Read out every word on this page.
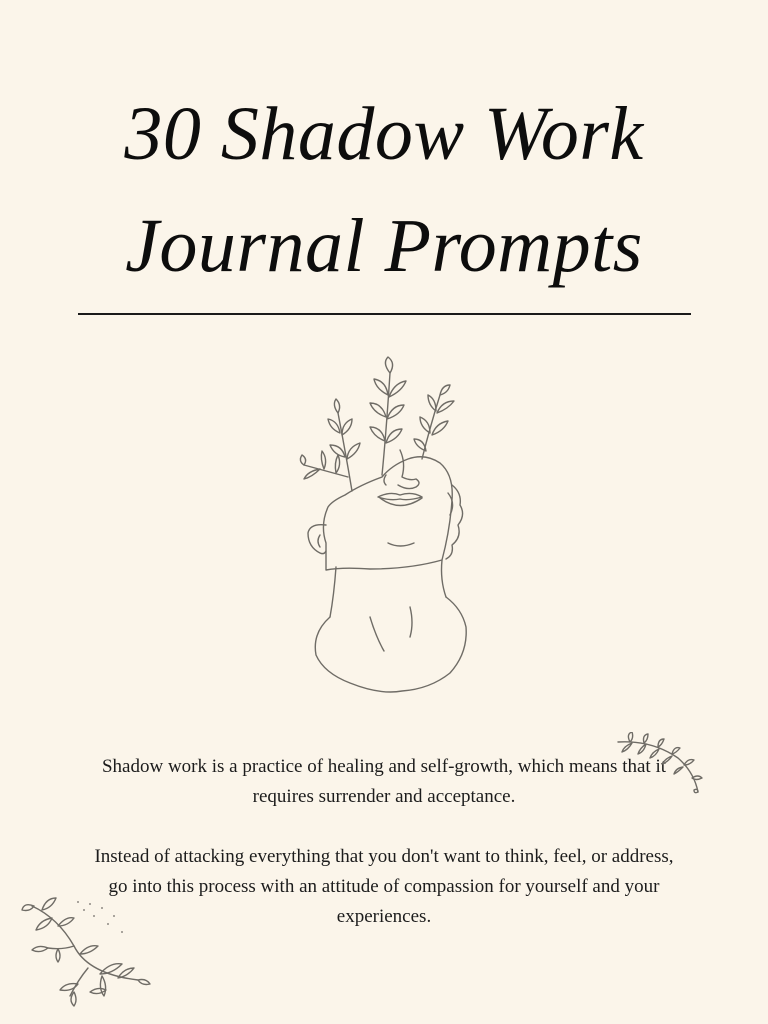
30 Shadow Work
Journal Prompts

Shadow work is a practice of healing and self-growth, which means that it requires surrender and acceptance.

Instead of attacking everything that you don't want to think, feel, or address, go into this process with an attitude of compassion for yourself and your experiences.
